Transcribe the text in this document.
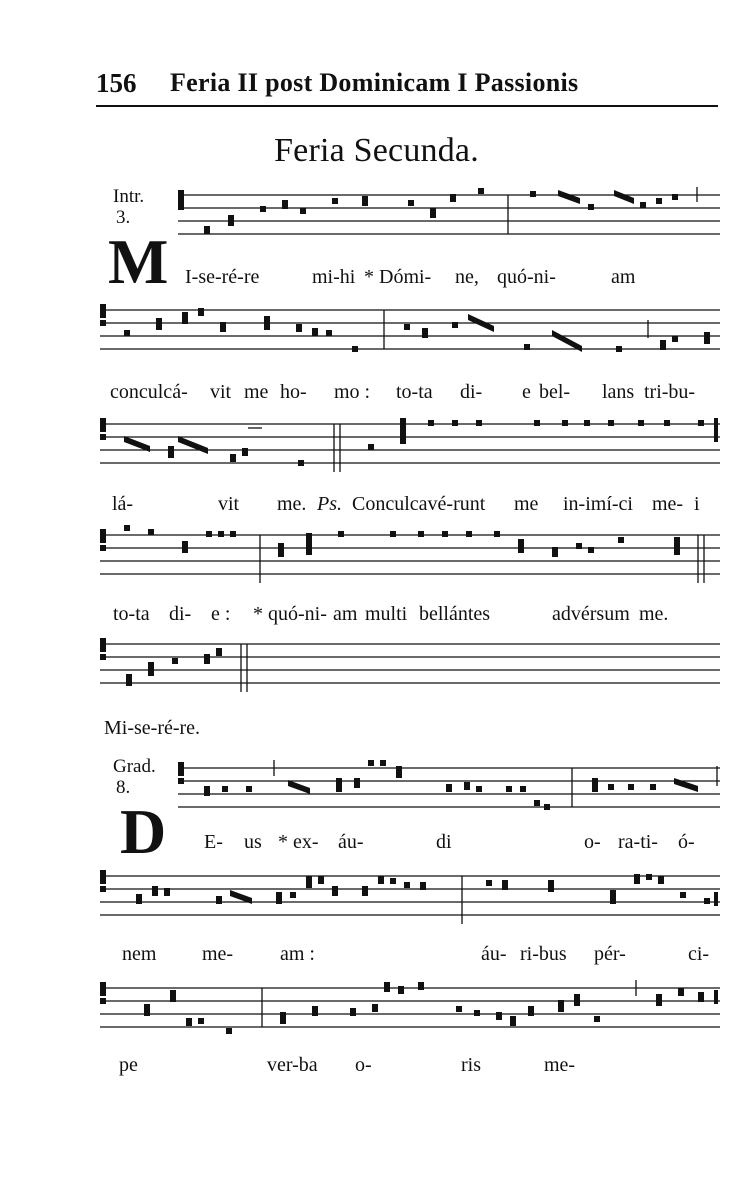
156 Feria II post Dominicam I Passionis
Feria Secunda.
Intr.
3.
M I-se-ré-re	mi-hi * Dómi- ne, quó-ni-	am
conculcá- vit me ho- mo : to-ta di- e bel- lans tri-bu-
lá-	vit me. Ps. Conculcavé-runt me in-imí-ci me- i
to-ta di- e : * quó-ni- am multi bellántes	advérsum me.
Mi-se-ré-re.
Grad.
8.
D E- us * ex- áu-	di	o- ra-ti- ó-
nem me- am :	áu- ri-bus pér-	ci-
pe	ver-ba o-	ris	me-
